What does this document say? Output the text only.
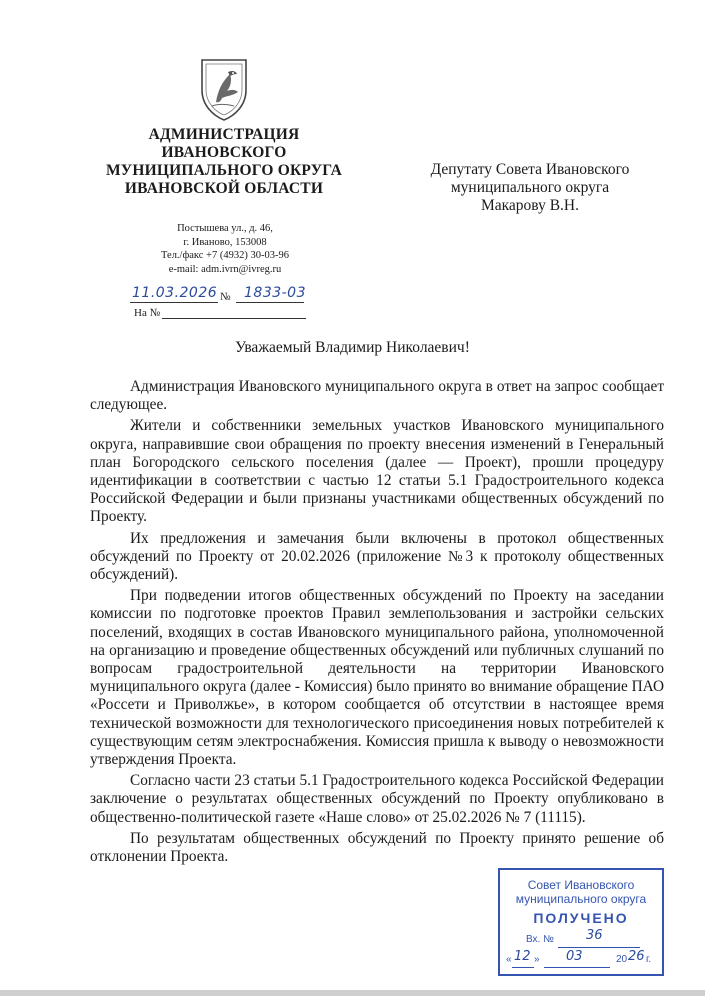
АДМИНИСТРАЦИЯ
ИВАНОВСКОГО
МУНИЦИПАЛЬНОГО ОКРУГА
ИВАНОВСКОЙ ОБЛАСТИ
Постышева ул., д. 46,
г. Иваново, 153008
Тел./факс +7 (4932) 30-03-96
e-mail: adm.ivrn@ivreg.ru
11.03.2026 № 1833-03
На №
Депутату Совета Ивановского
муниципального округа
Макарову В.Н.
Уважаемый Владимир Николаевич!

Администрация Ивановского муниципального округа в ответ на запрос сообщает следующее.

Жители и собственники земельных участков Ивановского муниципального округа, направившие свои обращения по проекту внесения изменений в Генеральный план Богородского сельского поселения (далее — Проект), прошли процедуру идентификации в соответствии с частью 12 статьи 5.1 Градостроительного кодекса Российской Федерации и были признаны участниками общественных обсуждений по Проекту.

Их предложения и замечания были включены в протокол общественных обсуждений по Проекту от 20.02.2026 (приложение №3 к протоколу общественных обсуждений).

При подведении итогов общественных обсуждений по Проекту на заседании комиссии по подготовке проектов Правил землепользования и застройки сельских поселений, входящих в состав Ивановского муниципального района, уполномоченной на организацию и проведение общественных обсуждений или публичных слушаний по вопросам градостроительной деятельности на территории Ивановского муниципального округа (далее - Комиссия) было принято во внимание обращение ПАО «Россети и Приволжье», в котором сообщается об отсутствии в настоящее время технической возможности для технологического присоединения новых потребителей к существующим сетям электроснабжения. Комиссия пришла к выводу о невозможности утверждения Проекта.

Согласно части 23 статьи 5.1 Градостроительного кодекса Российской Федерации заключение о результатах общественных обсуждений по Проекту опубликовано в общественно-политической газете «Наше слово» от 25.02.2026 № 7 (11115).

По результатам общественных обсуждений по Проекту принято решение об отклонении Проекта.

Совет Ивановского
муниципального округа
ПОЛУЧЕНО
Вх. № 36
« 12 » 03	20 26 г.
